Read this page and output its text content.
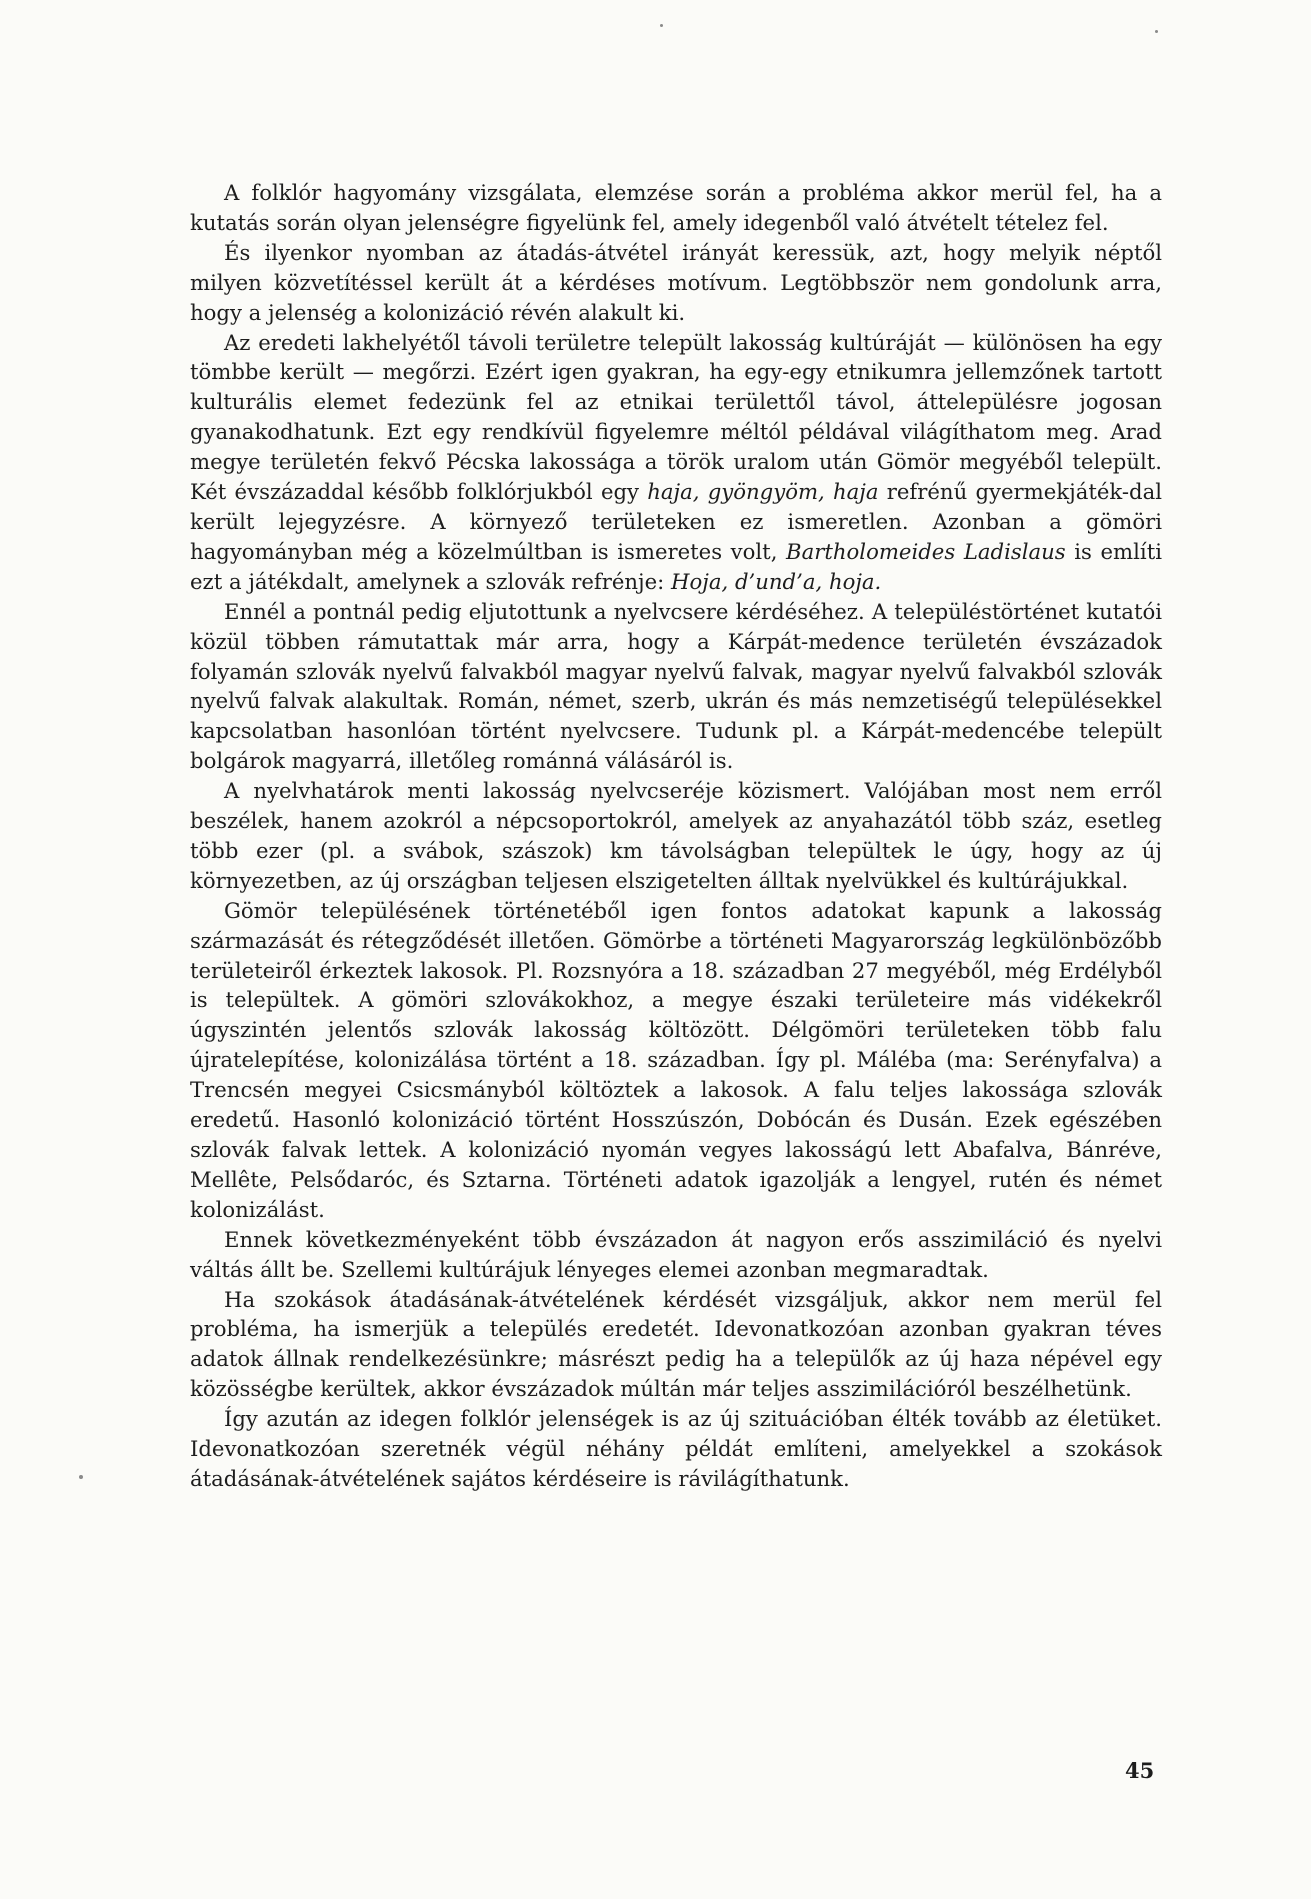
A folklór hagyomány vizsgálata, elemzése során a probléma akkor merül fel, ha a kutatás során olyan jelenségre figyelünk fel, amely idegenből való átvételt tételez fel.

És ilyenkor nyomban az átadás-átvétel irányát keressük, azt, hogy melyik néptől milyen közvetítéssel került át a kérdéses motívum. Legtöbbször nem gondolunk arra, hogy a jelenség a kolonizáció révén alakult ki.

Az eredeti lakhelyétől távoli területre települt lakosság kultúráját — különösen ha egy tömbbe került — megőrzi. Ezért igen gyakran, ha egy-egy etnikumra jellemzőnek tartott kulturális elemet fedezünk fel az etnikai területtől távol, áttelepülésre jogosan gyanakodhatunk. Ezt egy rendkívül figyelemre méltól példával világíthatom meg. Arad megye területén fekvő Pécska lakossága a török uralom után Gömör megyéből települt. Két évszázaddal később folklórjukból egy haja, gyöngyöm, haja refrénű gyermekjáték-dal került lejegyzésre. A környező területeken ez ismeretlen. Azonban a gömöri hagyományban még a közelmúltban is ismeretes volt, Bartholomeides Ladislaus is említi ezt a játékdalt, amelynek a szlovák refrénje: Hoja, d’und’a, hoja.

Ennél a pontnál pedig eljutottunk a nyelvcsere kérdéséhez. A településtörténet kutatói közül többen rámutattak már arra, hogy a Kárpát-medence területén évszázadok folyamán szlovák nyelvű falvakból magyar nyelvű falvak, magyar nyelvű falvakból szlovák nyelvű falvak alakultak. Román, német, szerb, ukrán és más nemzetiségű településekkel kapcsolatban hasonlóan történt nyelvcsere. Tudunk pl. a Kárpát-medencébe települt bolgárok magyarrá, illetőleg románná válásáról is.

A nyelvhatárok menti lakosság nyelvcseréje közismert. Valójában most nem erről beszélek, hanem azokról a népcsoportokról, amelyek az anyahazától több száz, esetleg több ezer (pl. a svábok, szászok) km távolságban települtek le úgy, hogy az új környezetben, az új országban teljesen elszigetelten álltak nyelvükkel és kultúrájukkal.

Gömör településének történetéből igen fontos adatokat kapunk a lakosság származását és rétegződését illetően. Gömörbe a történeti Magyarország legkülönbözőbb területeiről érkeztek lakosok. Pl. Rozsnyóra a 18. században 27 megyéből, még Erdélyből is települtek. A gömöri szlovákokhoz, a megye északi területeire más vidékekről úgyszintén jelentős szlovák lakosság költözött. Délgömöri területeken több falu újratelepítése, kolonizálása történt a 18. században. Így pl. Máléba (ma: Serényfalva) a Trencsén megyei Csicsmányból költöztek a lakosok. A falu teljes lakossága szlovák eredetű. Hasonló kolonizáció történt Hosszúszón, Dobócán és Dusán. Ezek egészében szlovák falvak lettek. A kolonizáció nyomán vegyes lakosságú lett Abafalva, Bánréve, Mellête, Pelsődaróc, és Sztarna. Történeti adatok igazolják a lengyel, rutén és német kolonizálást.

Ennek következményeként több évszázadon át nagyon erős asszimiláció és nyelvi váltás állt be. Szellemi kultúrájuk lényeges elemei azonban megmaradtak.

Ha szokások átadásának-átvételének kérdését vizsgáljuk, akkor nem merül fel probléma, ha ismerjük a település eredetét. Idevonatkozóan azonban gyakran téves adatok állnak rendelkezésünkre; másrészt pedig ha a települők az új haza népével egy közösségbe kerültek, akkor évszázadok múltán már teljes asszimilációról beszélhetünk.

Így azután az idegen folklór jelenségek is az új szituációban élték tovább az életüket. Idevonatkozóan szeretnék végül néhány példát említeni, amelyekkel a szokások átadásának-átvételének sajátos kérdéseire is rávilágíthatunk.

45
